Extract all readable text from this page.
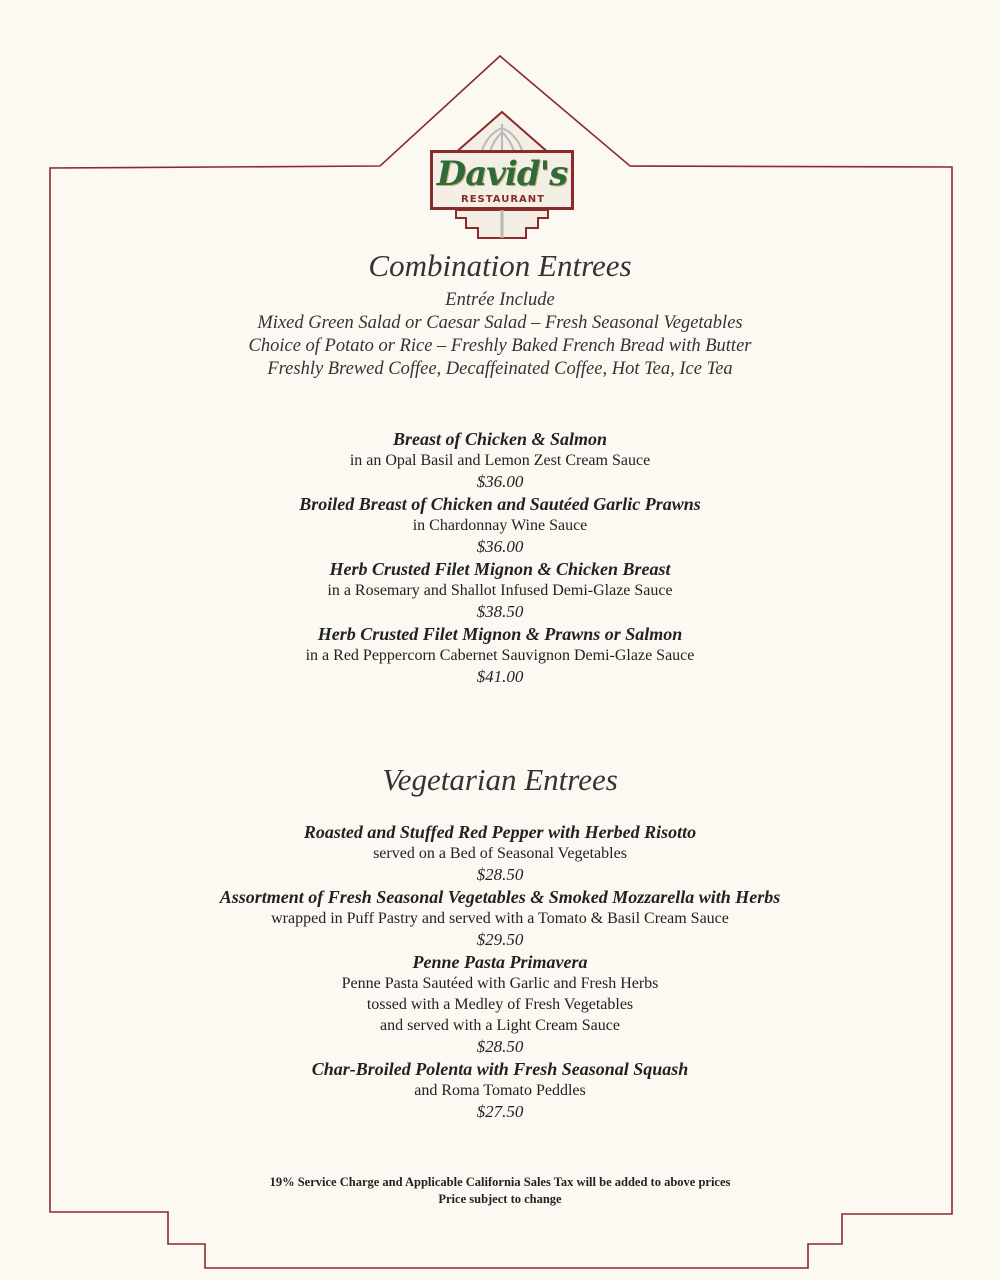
David's
RESTAURANT
Combination Entrees
Entrée Include
Mixed Green Salad or Caesar Salad – Fresh Seasonal Vegetables
Choice of Potato or Rice – Freshly Baked French Bread with Butter
Freshly Brewed Coffee, Decaffeinated Coffee, Hot Tea, Ice Tea
Breast of Chicken & Salmon
in an Opal Basil and Lemon Zest Cream Sauce
$36.00
Broiled Breast of Chicken and Sautéed Garlic Prawns
in Chardonnay Wine Sauce
$36.00
Herb Crusted Filet Mignon & Chicken Breast
in a Rosemary and Shallot Infused Demi-Glaze Sauce
$38.50
Herb Crusted Filet Mignon & Prawns or Salmon
in a Red Peppercorn Cabernet Sauvignon Demi-Glaze Sauce
$41.00
Vegetarian Entrees
Roasted and Stuffed Red Pepper with Herbed Risotto
served on a Bed of Seasonal Vegetables
$28.50
Assortment of Fresh Seasonal Vegetables & Smoked Mozzarella with Herbs
wrapped in Puff Pastry and served with a Tomato & Basil Cream Sauce
$29.50
Penne Pasta Primavera
Penne Pasta Sautéed with Garlic and Fresh Herbs
tossed with a Medley of Fresh Vegetables
and served with a Light Cream Sauce
$28.50
Char-Broiled Polenta with Fresh Seasonal Squash
and Roma Tomato Peddles
$27.50
19% Service Charge and Applicable California Sales Tax will be added to above prices
Price subject to change
